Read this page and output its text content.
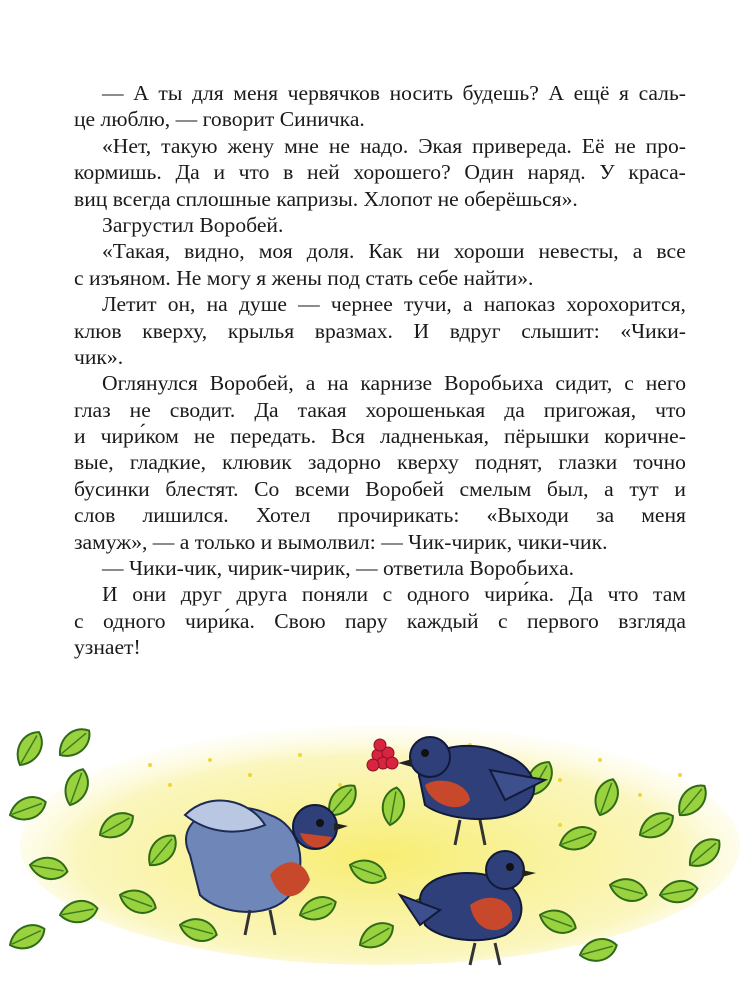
— А ты для меня червячков носить будешь? А ещё я саль-
це люблю, — говорит Синичка.
«Нет, такую жену мне не надо. Экая привереда. Её не про-
кормишь. Да и что в ней хорошего? Один наряд. У краса-
виц всегда сплошные капризы. Хлопот не оберёшься».
Загрустил Воробей.
«Такая, видно, моя доля. Как ни хороши невесты, а все
с изъяном. Не могу я жены под стать себе найти».
Летит он, на душе — чернее тучи, а напоказ хорохорится,
клюв кверху, крылья вразмах. И вдруг слышит: «Чики-
чик».
Оглянулся Воробей, а на карнизе Воробьиха сидит, с него
глаз не сводит. Да такая хорошенькая да пригожая, что
и чири́ком не передать. Вся ладненькая, пёрышки коричне-
вые, гладкие, клювик задорно кверху поднят, глазки точно
бусинки блестят. Со всеми Воробей смелым был, а тут и
слов лишился. Хотел прочирикать: «Выходи за меня
замуж», — а только и вымолвил: — Чик-чирик, чики-чик.
— Чики-чик, чирик-чирик, — ответила Воробьиха.
И они друг друга поняли с одного чири́ка. Да что там
с одного чири́ка. Свою пару каждый с первого взгляда
узнает!
